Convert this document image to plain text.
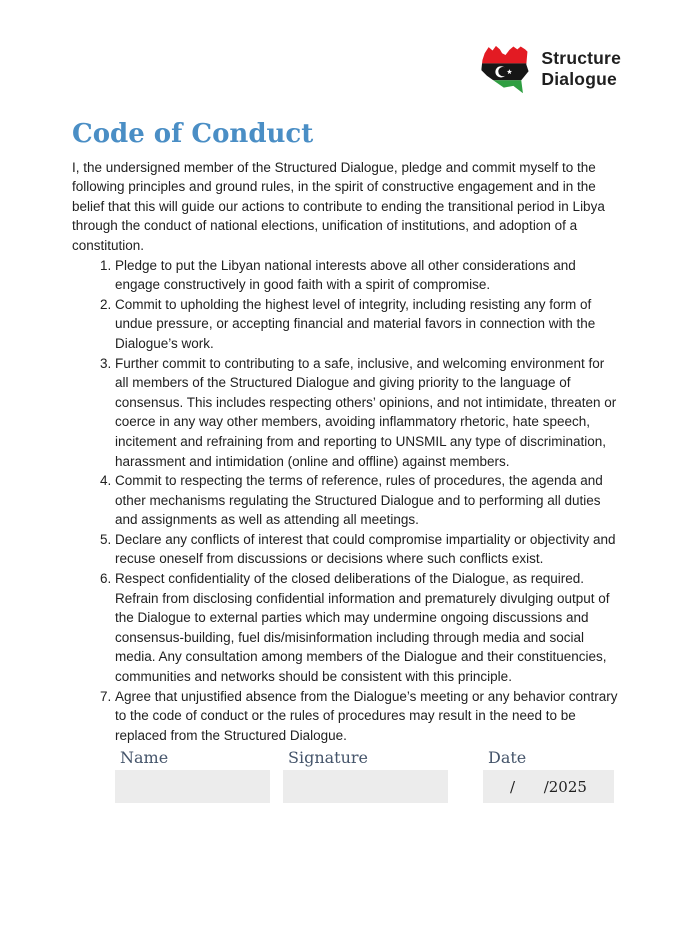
Structure
Dialogue
Code of Conduct

I, the undersigned member of the Structured Dialogue, pledge and commit myself to the following principles and ground rules, in the spirit of constructive engagement and in the belief that this will guide our actions to contribute to ending the transitional period in Libya through the conduct of national elections, unification of institutions, and adoption of a constitution.

1. Pledge to put the Libyan national interests above all other considerations and engage constructively in good faith with a spirit of compromise.
2. Commit to upholding the highest level of integrity, including resisting any form of undue pressure, or accepting financial and material favors in connection with the Dialogue’s work.
3. Further commit to contributing to a safe, inclusive, and welcoming environment for all members of the Structured Dialogue and giving priority to the language of consensus. This includes respecting others’ opinions, and not intimidate, threaten or coerce in any way other members, avoiding inflammatory rhetoric, hate speech, incitement and refraining from and reporting to UNSMIL any type of discrimination, harassment and intimidation (online and offline) against members.
4. Commit to respecting the terms of reference, rules of procedures, the agenda and other mechanisms regulating the Structured Dialogue and to performing all duties and assignments as well as attending all meetings.
5. Declare any conflicts of interest that could compromise impartiality or objectivity and recuse oneself from discussions or decisions where such conflicts exist.
6. Respect confidentiality of the closed deliberations of the Dialogue, as required. Refrain from disclosing confidential information and prematurely divulging output of the Dialogue to external parties which may undermine ongoing discussions and consensus-building, fuel dis/misinformation including through media and social media. Any consultation among members of the Dialogue and their constituencies, communities and networks should be consistent with this principle.
7. Agree that unjustified absence from the Dialogue’s meeting or any behavior contrary to the code of conduct or the rules of procedures may result in the need to be replaced from the Structured Dialogue.
Name	Signature	Date
/      /2025
